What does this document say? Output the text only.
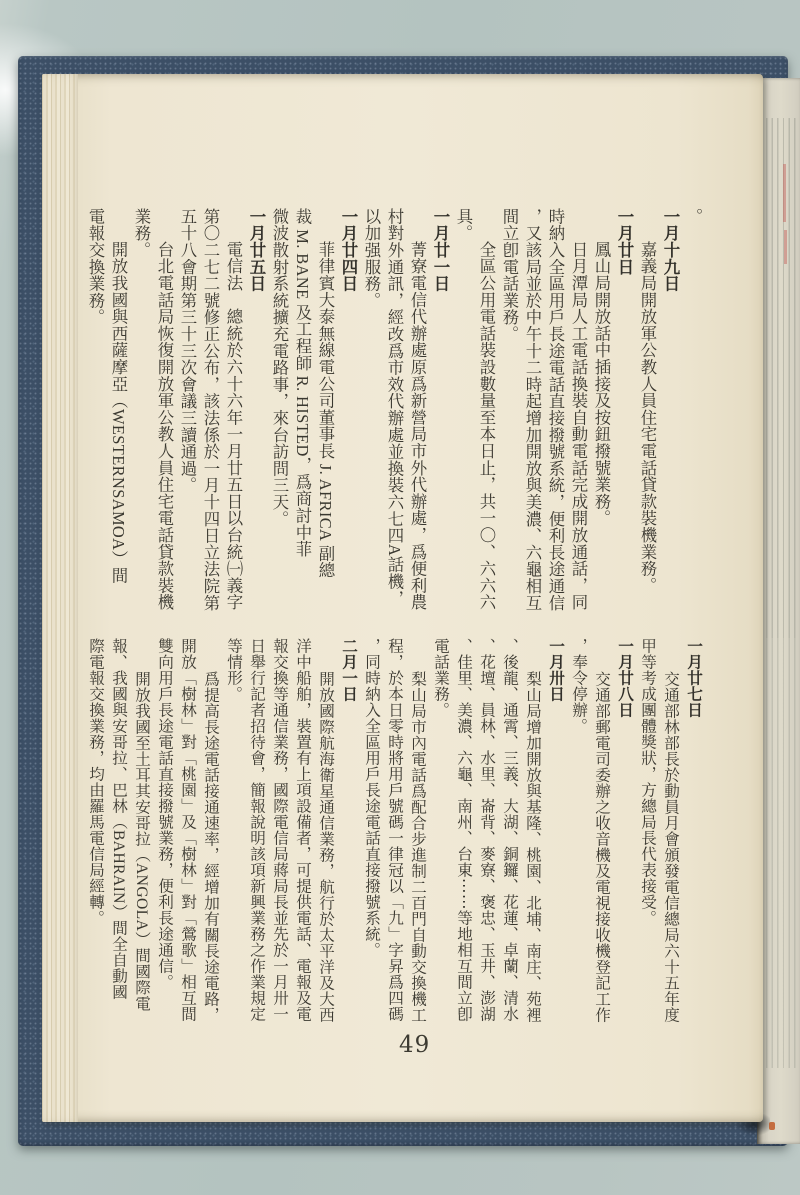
。
一月十九日
嘉義局開放軍公教人員住宅電話貸款裝機業務。
一月廿日
鳳山局開放話中插接及按鈕撥號業務。
日月潭局人工電話換裝自動電話完成開放通話，同
時納入全區用戶長途電話直接撥號系統，便利長途通信
，又該局並於中午十二時起增加開放與美濃、六龜相互
間立卽電話業務。
全區公用電話裝設數量至本日止，共一〇、六六六
具。
一月廿一日
菁寮電信代辦處原爲新營局市外代辦處，爲便利農
村對外通訊，經改爲市效代辦處並換裝六七四A話機，
以加强服務。
一月廿四日
菲律賓大泰無線電公司董事長 J. AFRICA 副總
裁 M. BANE 及工程師 R. HISTED，爲商討中菲
微波散射系統擴充電路事，來台訪問三天。
一月廿五日
電信法　總統於六十六年一月廿五日以台統㈠義字
第〇二七二號修正公布，該法係於一月十四日立法院第
五十八會期第三十三次會議三讀通過。
台北電話局恢復開放軍公教人員住宅電話貸款裝機
業務。
開放我國與西薩摩亞（WESTERNSAMOA）間
電報交換業務。
一月廿七日
交通部林部長於動員月會頒發電信總局六十五年度
甲等考成團體獎狀，方總局長代表接受。
一月廿八日
交通部郵電司委辦之收音機及電視接收機登記工作
，奉令停辦。
一月卅日
梨山局增加開放與基隆、桃園、北埔、南庄、苑裡
、後龍、通霄、三義、大湖、銅鑼、花蓮、卓蘭、清水
、花壇、員林、水里、崙背、麥寮、褒忠、玉井、澎湖
、佳里、美濃、六龜、南州、台東⋯⋯等地相互間立卽
電話業務。
梨山局市內電話爲配合步進制二百門自動交換機工
程，於本日零時將用戶號碼一律冠以「九」字昇爲四碼
，同時納入全區用戶長途電話直接撥號系統。
二月一日
開放國際航海衛星通信業務，航行於太平洋及大西
洋中船舶，裝置有上項設備者，可提供電話、電報及電
報交換等通信業務，國際電信局蔣局長並先於一月卅一
日舉行記者招待會，簡報說明該項新興業務之作業規定
等情形。
爲提高長途電話接通速率，經增加有關長途電路，
開放「樹林」對「桃園」及「樹林」對「鶯歌」相互間
雙向用戶長途電話直接撥號業務，便利長途通信。
開放我國至土耳其安哥拉（ANGOLA）間國際電
報、我國與安哥拉、巴林（BAHRAIN）間全自動國
際電報交換業務，均由羅馬電信局經轉。
49
